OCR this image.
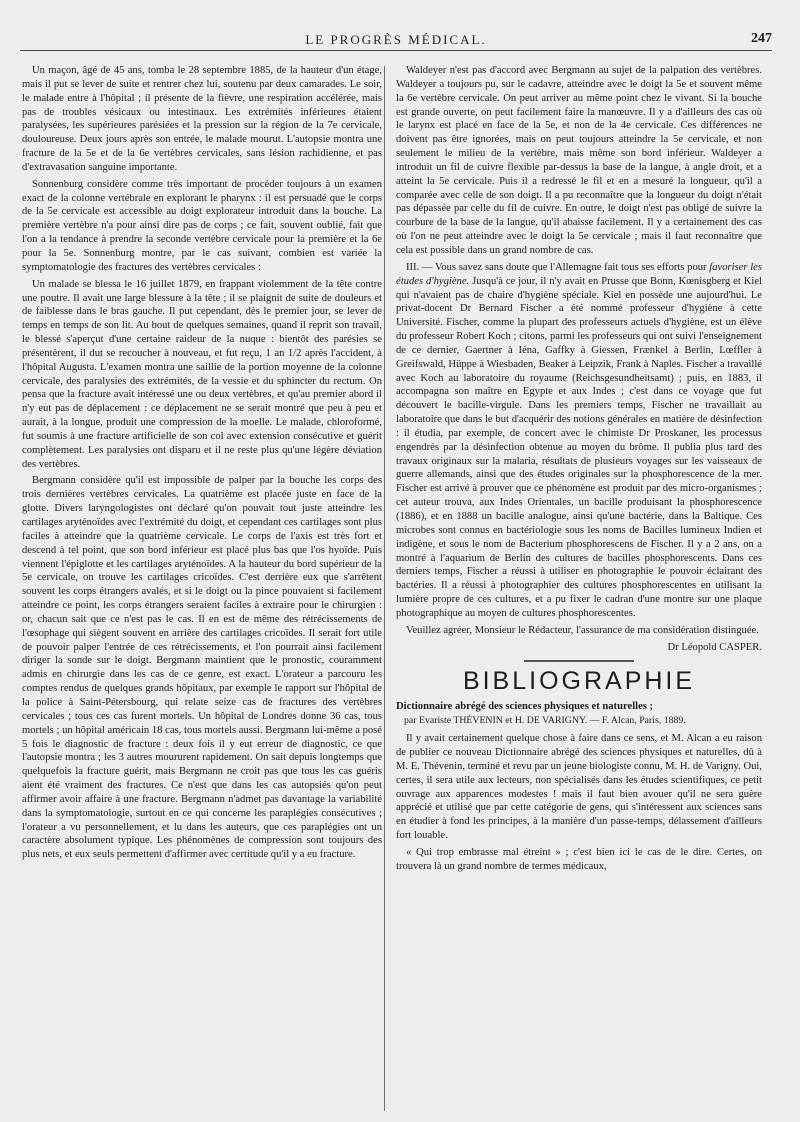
LE PROGRÈS MÉDICAL.	247

Un maçon, âgé de 45 ans, tomba le 28 septembre 1885, de la hauteur d'un étage, mais il put se lever de suite et rentrer chez lui, soutenu par deux camarades. Le soir, le malade entre à l'hôpital ; il présente de la fièvre, une respiration accélérée, mais pas de troubles vésicaux ou intestinaux. Les extrémités inférieures étaient paralysées, les supérieures parésiées et la pression sur la région de la 7e cervicale, douloureuse. Deux jours après son entrée, le malade mourut. L'autopsie montra une fracture de la 5e et de la 6e vertèbres cervicales, sans lésion rachidienne, et pas d'extravasation sanguine importante.

Sonnenburg considère comme très important de procéder toujours à un examen exact de la colonne vertébrale en explorant le pharynx : il est persuadé que le corps de la 5e cervicale est accessible au doigt explorateur introduit dans la bouche. La première vertèbre n'a pour ainsi dire pas de corps ; ce fait, souvent oublié, fait que l'on a la tendance à prendre la seconde vertèbre cervicale pour la première et la 6e pour la 5e. Sonnenburg montre, par le cas suivant, combien est variée la symptomatologie des fractures des vertèbres cervicales :

Un malade se blessa le 16 juillet 1879, en frappant violemment de la tête contre une poutre. Il avait une large blessure à la tête ; il se plaignit de suite de douleurs et de faiblesse dans le bras gauche. Il put cependant, dès le premier jour, se lever de temps en temps de son lit. Au bout de quelques semaines, quand il reprit son travail, le blessé s'aperçut d'une certaine raideur de la nuque : bientôt des parésies se présentèrent, il dut se recoucher à nouveau, et fut reçu, 1 an 1/2 après l'accident, à l'hôpital Augusta. L'examen montra une saillie de la portion moyenne de la colonne cervicale, des paralysies des extrémités, de la vessie et du sphincter du rectum. On pensa que la fracture avait intéressé une ou deux vertèbres, et qu'au premier abord il n'y eut pas de déplacement : ce déplacement ne se serait montré que peu à peu et aurait, à la longue, produit une compression de la moelle. Le malade, chloroformé, fut soumis à une fracture artificielle de son col avec extension consécutive et guérit complètement. Les paralysies ont disparu et il ne reste plus qu'une légère déviation des vertèbres.

Bergmann considère qu'il est impossible de palper par la bouche les corps des trois dernières vertèbres cervicales. La quatrième est placée juste en face de la glotte. Divers laryngologistes ont déclaré qu'on pouvait tout juste atteindre les cartilages aryténoïdes avec l'extrémité du doigt, et cependant ces cartilages sont plus faciles à atteindre que la quatrième cervicale. Le corps de l'axis est très fort et descend à tel point, que son bord inférieur est placé plus bas que l'os hyoïde. Puis viennent l'épiglotte et les cartilages aryténoïdes. A la hauteur du bord supérieur de la 5e cervicale, on trouve les cartilages cricoïdes. C'est derrière eux que s'arrêtent souvent les corps étrangers avalés, et si le doigt ou la pince pouvaient si facilement atteindre ce point, les corps étrangers seraient faciles à extraire pour le chirurgien : or, chacun sait que ce n'est pas le cas. Il en est de même des rétrécissements de l'œsophage qui siègent souvent en arrière des cartilages cricoïdes. Il serait fort utile de pouvoir palper l'entrée de ces rétrécissements, et l'on pourrait ainsi facilement diriger la sonde sur le doigt. Bergmann maintient que le pronostic, couramment admis en chirurgie dans les cas de ce genre, est exact. L'orateur a parcouru les comptes rendus de quelques grands hôpitaux, par exemple le rapport sur l'hôpital de la police à Saint-Pétersbourg, qui relate seize cas de fractures des vertèbres cervicales ; tous ces cas furent mortels. Un hôpital de Londres donne 36 cas, tous mortels ; un hôpital américain 18 cas, tous mortels aussi. Bergmann lui-même a posé 5 fois le diagnostic de fracture : deux fois il y eut erreur de diagnostic, ce que l'autopsie montra ; les 3 autres moururent rapidement. On sait depuis longtemps que quelquefois la fracture guérit, mais Bergmann ne croit pas que tous les cas guéris aient été vraiment des fractures. Ce n'est que dans les cas autopsiés qu'on peut affirmer avoir affaire à une fracture. Bergmann n'admet pas davantage la variabilité dans la symptomatologie, surtout en ce qui concerne les paraplégies consécutives ; l'orateur a vu personnellement, et lu dans les auteurs, que ces paraplégies ont un caractère absolument typique. Les phénomènes de compression sont toujours des plus nets, et eux seuls permettent d'affirmer avec certitude qu'il y a eu fracture.

Waldeyer n'est pas d'accord avec Bergmann au sujet de la palpation des vertèbres. Waldeyer a toujours pu, sur le cadavre, atteindre avec le doigt la 5e et souvent même la 6e vertèbre cervicale. On peut arriver au même point chez le vivant. Si la bouche est grande ouverte, on peut facilement faire la manœuvre. Il y a d'ailleurs des cas où le larynx est placé en face de la 5e, et non de la 4e cervicale. Ces différences ne doivent pas être ignorées, mais on peut toujours atteindre la 5e cervicale, et non seulement le milieu de la vertèbre, mais même son bord inférieur. Waldeyer a introduit un fil de cuivre flexible par-dessus la base de la langue, à angle droit, et a atteint la 5e cervicale. Puis il a redressé le fil et en a mesuré la longueur, qu'il a comparée avec celle de son doigt. Il a pu reconnaître que la longueur du doigt n'était pas dépassée par celle du fil de cuivre. En outre, le doigt n'est pas obligé de suivre la courbure de la base de la langue, qu'il abaisse facilement. Il y a certainement des cas où l'on ne peut atteindre avec le doigt la 5e cervicale ; mais il faut reconnaître que cela est possible dans un grand nombre de cas.

III. — Vous savez sans doute que l'Allemagne fait tous ses efforts pour favoriser les études d'hygiène. Jusqu'à ce jour, il n'y avait en Prusse que Bonn, Kœnisgberg et Kiel qui n'avaient pas de chaire d'hygiène spéciale. Kiel en possède une aujourd'hui. Le privat-docent Dr Bernard Fischer a été nommé professeur d'hygiène à cette Université. Fischer, comme la plupart des professeurs actuels d'hygiène, est un élève du professeur Robert Koch ; citons, parmi les professeurs qui ont suivi l'enseignement de ce dernier, Gaertner à Iéna, Gaffky à Giessen, Frænkel à Berlin, Lœffler à Greifswald, Hüppe à Wiesbaden, Beaker à Leipzik, Frank à Naples. Fischer a travaillé avec Koch au laboratoire du royaume (Reichsgesundheitsamt) ; puis, en 1883, il accompagna son maître en Egypte et aux Indes ; c'est dans ce voyage que fut découvert le bacille-virgule. Dans les premiers temps, Fischer ne travaillait au laboratoire que dans le but d'acquérir des notions générales en matière de désinfection : il étudia, par exemple, de concert avec le chimiste Dr Proskaner, les processus engendrés par la désinfection obtenue au moyen du brôme. Il publia plus tard des travaux originaux sur la malaria, résultats de plusieurs voyages sur les vaisseaux de guerre allemands, ainsi que des études originales sur la phosphorescence de la mer. Fischer est arrivé à prouver que ce phénomène est produit par des micro-organismes ; cet auteur trouva, aux Indes Orientales, un bacille produisant la phosphorescence (1886), et en 1888 un bacille analogue, ainsi qu'une bactérie, dans la Baltique. Ces microbes sont connus en bactériologie sous les noms de Bacilles lumineux Indien et indigène, et sous le nom de Bacterium phosphorescens de Fischer. Il y a 2 ans, on a montré à l'aquarium de Berlin des cultures de bacilles phosphorescents. Dans ces derniers temps, Fischer a réussi à utiliser en photographie le pouvoir éclairant des bactéries. Il a réussi à photographier des cultures phosphorescentes en utilisant la lumière propre de ces cultures, et a pu fixer le cadran d'une montre sur une plaque photographique au moyen de cultures phosphorescentes.

Veuillez agréer, Monsieur le Rédacteur, l'assurance de ma considération distinguée.

Dr Léopold CASPER.

BIBLIOGRAPHIE

Dictionnaire abrégé des sciences physiques et naturelles ;

par Evariste THÉVENIN et H. DE VARIGNY. — F. Alcan, Paris, 1889.

Il y avait certainement quelque chose à faire dans ce sens, et M. Alcan a eu raison de publier ce nouveau Dictionnaire abrégé des sciences physiques et naturelles, dû à M. E. Thévenin, terminé et revu par un jeune biologiste connu, M. H. de Varigny. Oui, certes, il sera utile aux lecteurs, non spécialisés dans les études scientifiques, ce petit ouvrage aux apparences modestes ! mais il faut bien avouer qu'il ne sera guère apprécié et utilisé que par cette catégorie de gens, qui s'intéressent aux sciences sans en étudier à fond les principes, à la manière d'un passe-temps, délassement d'ailleurs fort louable.

« Qui trop embrasse mal étreint » ; c'est bien ici le cas de le dire. Certes, on trouvera là un grand nombre de termes médicaux,
